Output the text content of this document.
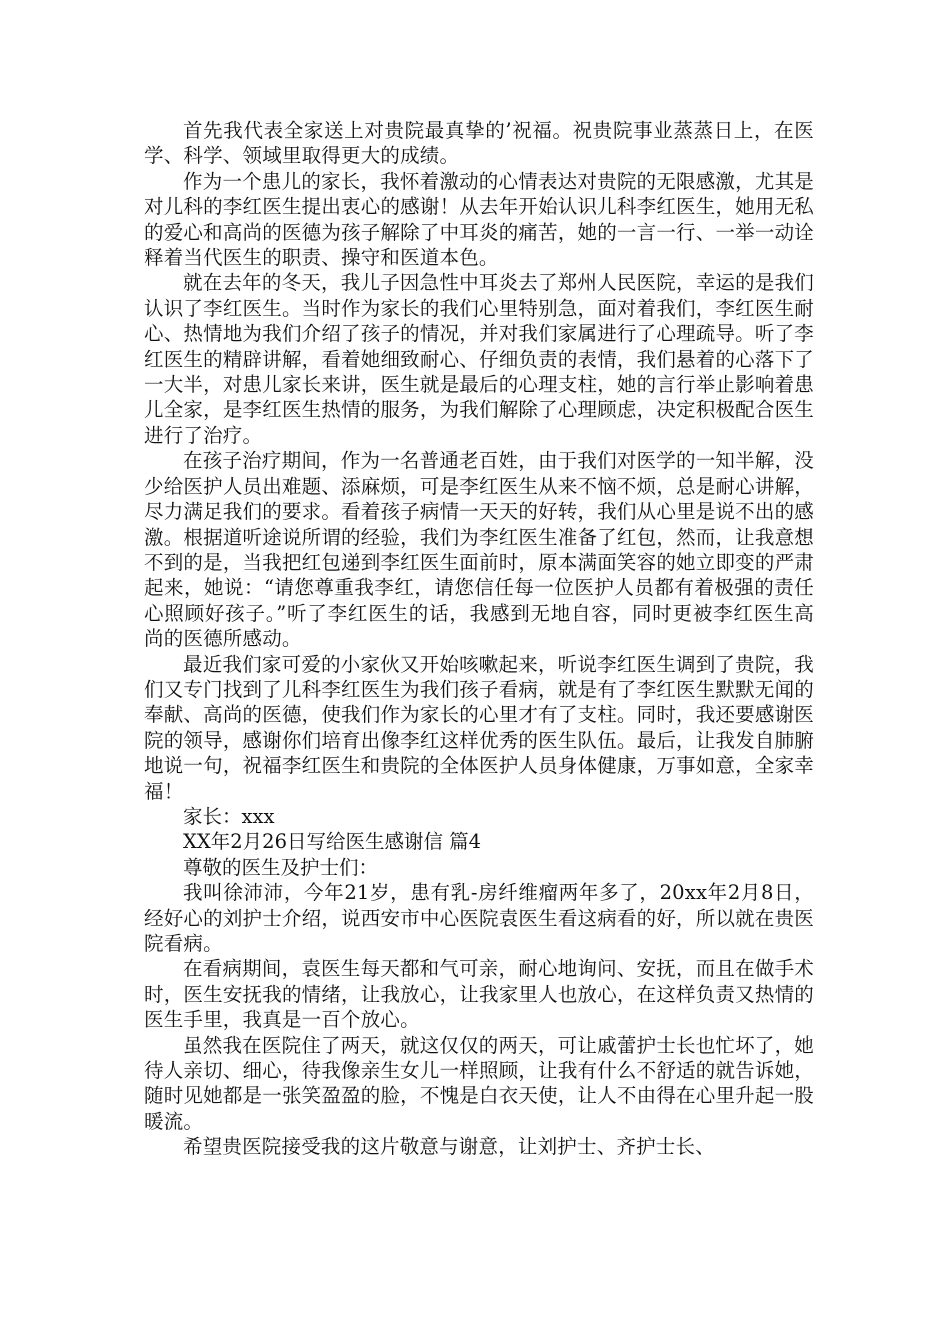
首先我代表全家送上对贵院最真挚的’祝福。祝贵院事业蒸蒸日上，在医学、科学、领域里取得更大的成绩。

作为一个患儿的家长，我怀着激动的心情表达对贵院的无限感激，尤其是对儿科的李红医生提出衷心的感谢！从去年开始认识儿科李红医生，她用无私的爱心和高尚的医德为孩子解除了中耳炎的痛苦，她的一言一行、一举一动诠释着当代医生的职责、操守和医道本色。

就在去年的冬天，我儿子因急性中耳炎去了郑州人民医院，幸运的是我们认识了李红医生。当时作为家长的我们心里特别急，面对着我们，李红医生耐心、热情地为我们介绍了孩子的情况，并对我们家属进行了心理疏导。听了李红医生的精辟讲解，看着她细致耐心、仔细负责的表情，我们悬着的心落下了一大半，对患儿家长来讲，医生就是最后的心理支柱，她的言行举止影响着患儿全家，是李红医生热情的服务，为我们解除了心理顾虑，决定积极配合医生进行了治疗。

在孩子治疗期间，作为一名普通老百姓，由于我们对医学的一知半解，没少给医护人员出难题、添麻烦，可是李红医生从来不恼不烦，总是耐心讲解，尽力满足我们的要求。看着孩子病情一天天的好转，我们从心里是说不出的感激。根据道听途说所谓的经验，我们为李红医生准备了红包，然而，让我意想不到的是，当我把红包递到李红医生面前时，原本满面笑容的她立即变的严肃起来，她说：“请您尊重我李红，请您信任每一位医护人员都有着极强的责任心照顾好孩子。”听了李红医生的话，我感到无地自容，同时更被李红医生高尚的医德所感动。

最近我们家可爱的小家伙又开始咳嗽起来，听说李红医生调到了贵院，我们又专门找到了儿科李红医生为我们孩子看病，就是有了李红医生默默无闻的奉献、高尚的医德，使我们作为家长的心里才有了支柱。同时，我还要感谢医院的领导，感谢你们培育出像李红这样优秀的医生队伍。最后，让我发自肺腑地说一句，祝福李红医生和贵院的全体医护人员身体健康，万事如意，全家幸福！

家长：xxx

XX年2月26日写给医生感谢信 篇4

尊敬的医生及护士们：

我叫徐沛沛，今年21岁，患有乳-房纤维瘤两年多了，20xx年2月8日，经好心的刘护士介绍，说西安市中心医院袁医生看这病看的好，所以就在贵医院看病。

在看病期间，袁医生每天都和气可亲，耐心地询问、安抚，而且在做手术时，医生安抚我的情绪，让我放心，让我家里人也放心，在这样负责又热情的医生手里，我真是一百个放心。

虽然我在医院住了两天，就这仅仅的两天，可让戚蕾护士长也忙坏了，她待人亲切、细心，待我像亲生女儿一样照顾，让我有什么不舒适的就告诉她，随时见她都是一张笑盈盈的脸，不愧是白衣天使，让人不由得在心里升起一股暖流。

希望贵医院接受我的这片敬意与谢意，让刘护士、齐护士长、
